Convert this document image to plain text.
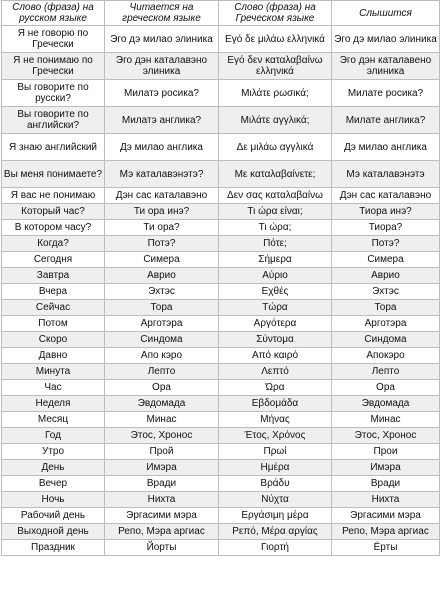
Слово (фраза) на русском языке	Читается на греческом языке	Слово (фраза) на Греческом языке	Слышится
Я не говорю по Гречески	Эго дэ милао элиника	Εγό δε μιλάω ελληνικά	Эго дэ милао элиника
Я не понимаю по Гречески	Эго дэн каталавэно элиника	Εγό δεν καταλαβαίνω ελληνικά	Эго дэн каталавено элиника
Вы говорите по русски?	Милатэ росика?	Μιλάτε ρωσικά;	Милате росика?
Вы говорите по английски?	Милатэ англика?	Μιλάτε αγγλικά;	Милате англика?
Я знаю английский	Дэ милао англика	Δε μιλάω αγγλικά	Дэ милао англика
Вы меня понимаете?	Мэ каталавэнэтэ?	Με καταλαβαίνετε;	Мэ каталавэнэтэ
Я вас не понимаю	Дэн сас каталавэно	Δεν σας καταλαβαίνω	Дэн сас каталавэно
Который час?	Ти ора инэ?	Τι ώρα είναι;	Тиора инэ?
В котором часу?	Ти ора?	Τι ώρα;	Тиора?
Когда?	Потэ?	Πότε;	Потэ?
Сегодня	Симера	Σήμερα	Симера
Завтра	Аврио	Αύριο	Аврио
Вчера	Эхтэс	Εχθές	Эхтэс
Сейчас	Тора	Τώρα	Тора
Потом	Арготэра	Αργότερα	Арготэра
Скоро	Синдома	Σύντομα	Синдома
Давно	Апо кэро	Από καιρό	Апокэро
Минута	Лепто	Λεπτό	Лепто
Час	Ора	Ώρα	Ора
Неделя	Эвдомада	Εβδομάδα	Эвдомада
Месяц	Минас	Μήνας	Минас
Год	Этос, Хронос	Έτος, Χρόνος	Этос, Хронос
Утро	Прой	Πρωί	Прои
День	Имэра	Ημέρα	Имэра
Вечер	Вради	Βράδυ	Вради
Ночь	Нихта	Νύχτα	Нихта
Рабочий день	Эргасими мэра	Εργάσιμη μέρα	Эргасими мэра
Выходной день	Репо, Мэра аргиас	Ρεπό, Μέρα αργίας	Репо, Мэра аргиас
Праздник	Йорты	Γιορτή	Ёрты
